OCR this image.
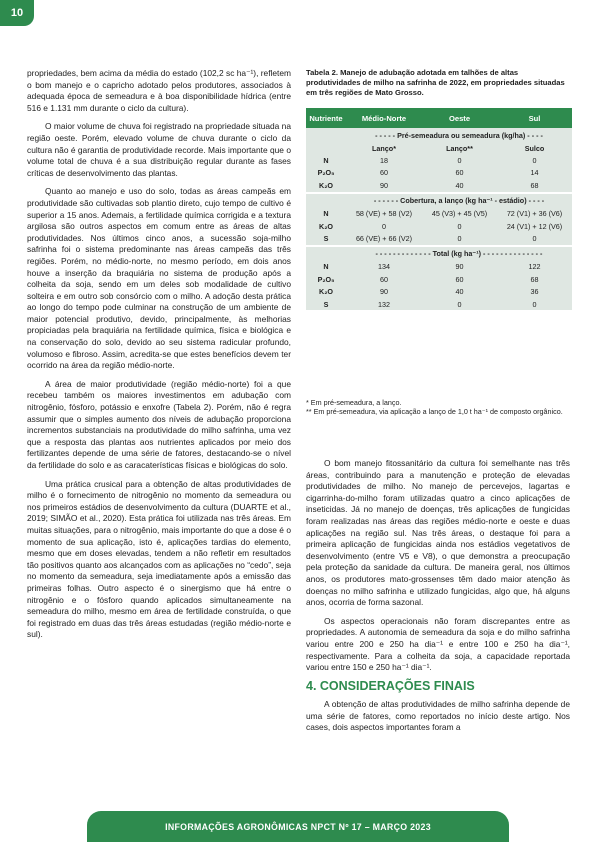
10

propriedades, bem acima da média do estado (102,2 sc ha⁻¹), refletem o bom manejo e o capricho adotado pelos produtores, associados à adequada época de semeadura e à boa disponibilidade hídrica (entre 516 e 1.131 mm durante o ciclo da cultura).

O maior volume de chuva foi registrado na propriedade situada na região oeste. Porém, elevado volume de chuva durante o ciclo da cultura não é garantia de produtividade recorde. Mais importante que o volume total de chuva é a sua distribuição regular durante as fases críticas de desenvolvimento das plantas.

Quanto ao manejo e uso do solo, todas as áreas campeãs em produtividade são cultivadas sob plantio direto, cujo tempo de cultivo é superior a 15 anos. Ademais, a fertilidade química corrigida e a textura argilosa são outros aspectos em comum entre as áreas de altas produtividades. Nos últimos cinco anos, a sucessão soja-milho safrinha foi o sistema predominante nas áreas campeãs das três regiões. Porém, no médio-norte, no mesmo período, em dois anos houve a inserção da braquiária no sistema de produção após a colheita da soja, sendo em um deles sob modalidade de cultivo solteira e em outro sob consórcio com o milho. A adoção desta prática ao longo do tempo pode culminar na construção de um ambiente de maior potencial produtivo, devido, principalmente, às melhorias propiciadas pela braquiária na fertilidade química, física e biológica e na conservação do solo, devido ao seu sistema radicular profundo, volumoso e fibroso. Assim, acredita-se que estes benefícios devem ter ocorrido na área da região médio-norte.

A área de maior produtividade (região médio-norte) foi a que recebeu também os maiores investimentos em adubação com nitrogênio, fósforo, potássio e enxofre (Tabela 2). Porém, não é regra assumir que o simples aumento dos níveis de adubação proporciona incrementos substanciais na produtividade do milho safrinha, uma vez que a resposta das plantas aos nutrientes aplicados por meio dos fertilizantes depende de uma série de fatores, destacando-se o nível da fertilidade do solo e as caracaterísticas físicas e biológicas do solo.

Uma prática crusical para a obtenção de altas produtividades de milho é o fornecimento de nitrogênio no momento da semeadura ou nos primeiros estádios de desenvolvimento da cultura (DUARTE et al., 2019; SIMÃO et al., 2020). Esta prática foi utilizada nas três áreas. Em muitas situações, para o nitrogênio, mais importante do que a dose é o momento de sua aplicação, isto é, aplicações tardias do elemento, mesmo que em doses elevadas, tendem a não refletir em resultados tão positivos quanto aos alcançados com as aplicações no “cedo”, seja no momento da semeadura, seja imediatamente após a emissão das primeiras folhas. Outro aspecto é o sinergismo que há entre o nitrogênio e o fósforo quando aplicados simultaneamente na semeadura do milho, mesmo em área de fertilidade construída, o que foi registrado em duas das três áreas estudadas (região médio-norte e sul).

Tabela 2. Manejo de adubação adotada em talhões de altas produtividades de milho na safrinha de 2022, em propriedades situadas em três regiões de Mato Grosso.
Nutriente	Médio-Norte	Oeste	Sul
	- - - - - Pré-semeadura ou semeadura (kg/ha) - - - -		
	Lanço*	Lanço**	Sulco
N	18	0	0
P₂O₅	60	60	14
K₂O	90	40	68

	- - - - - - Cobertura, a lanço (kg ha⁻¹ - estádio) - - - -		
N	58 (VE) + 58 (V2)	45 (V3) + 45 (V5)	72 (V1) + 36 (V6)
K₂O	0	0	24 (V1) + 12 (V6)
S	66 (VE) + 66 (V2)	0	0

	- - - - - - - - - - - - - Total (kg ha⁻¹) - - - - - - - - - - - - - -		
N	134	90	122
P₂O₅	60	60	68
K₂O	90	40	36
S	132	0	0
* Em pré-semeadura, a lanço.
** Em pré-semeadura, via aplicação a lanço de 1,0 t ha⁻¹ de composto orgânico.

O bom manejo fitossanitário da cultura foi semelhante nas três áreas, contribuindo para a manutenção e proteção de elevadas produtividades de milho. No manejo de percevejos, lagartas e cigarrinha-do-milho foram utilizadas quatro a cinco aplicações de inseticidas. Já no manejo de doenças, três aplicações de fungicidas foram realizadas nas áreas das regiões médio-norte e oeste e duas aplicações na região sul. Nas três áreas, o destaque foi para a primeira aplicação de fungicidas ainda nos estádios vegetativos de desenvolvimento (entre V5 e V8), o que demonstra a preocupação pela proteção da sanidade da cultura. De maneira geral, nos últimos anos, os produtores mato-grossenses têm dado maior atenção às doenças no milho safrinha e utilizado fungicidas, algo que, há alguns anos, ocorria de forma sazonal.

Os aspectos operacionais não foram discrepantes entre as propriedades. A autonomia de semeadura da soja e do milho safrinha variou entre 200 e 250 ha dia⁻¹ e entre 100 e 250 ha dia⁻¹, respectivamente. Para a colheita da soja, a capacidade reportada variou entre 150 e 250 ha⁻¹ dia⁻¹.

4. CONSIDERAÇÕES FINAIS

A obtenção de altas produtividades de milho safrinha depende de uma série de fatores, como reportados no início deste artigo. Nos cases, dois aspectos importantes foram a

INFORMAÇÕES AGRONÔMICAS NPCT Nº 17 – MARÇO 2023
